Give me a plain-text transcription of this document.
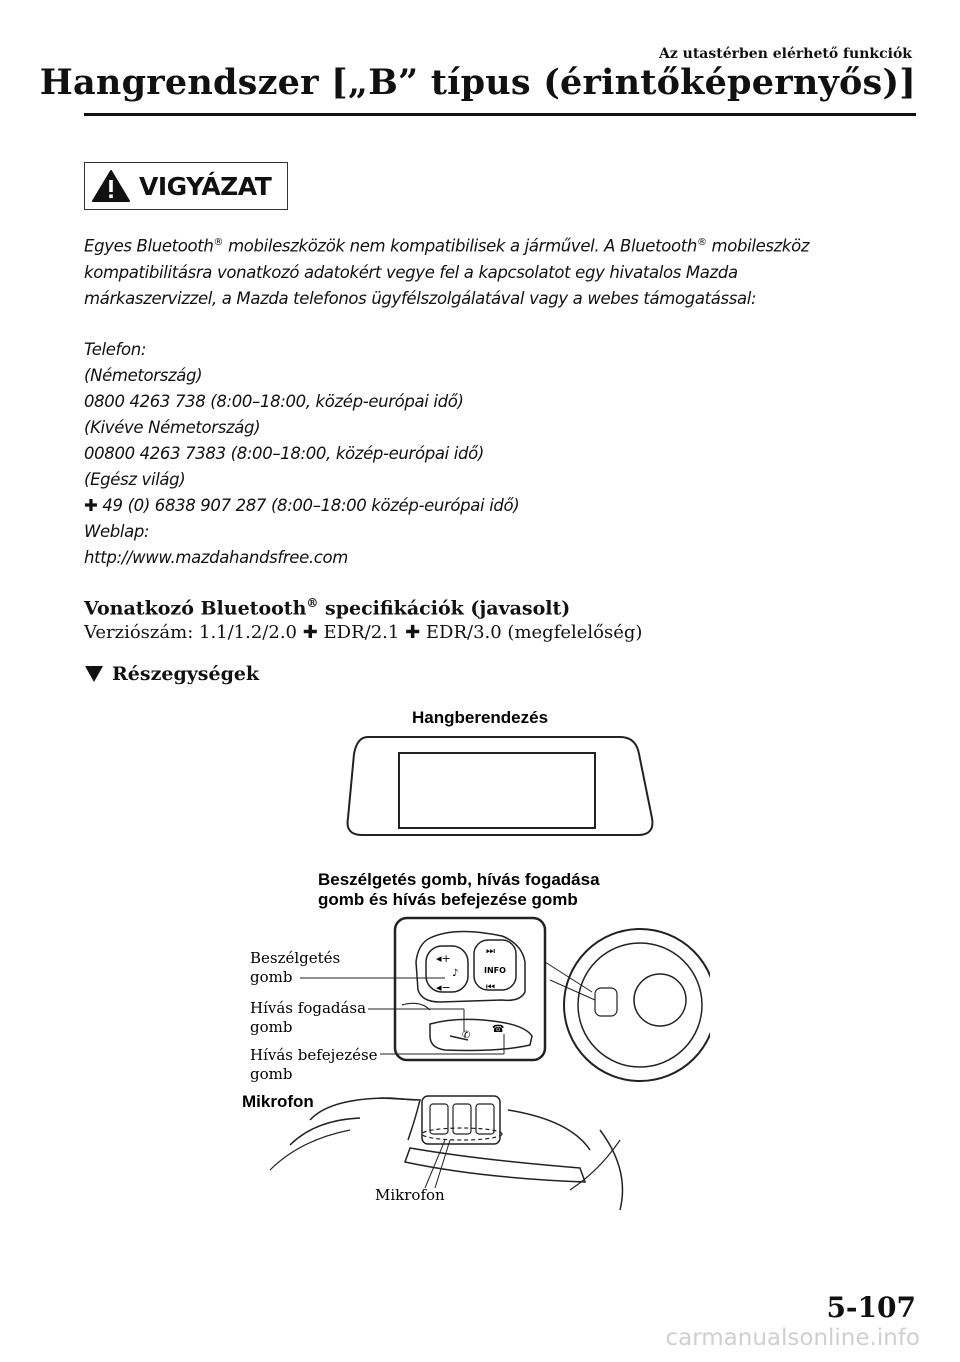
Az utastérben elérhető funkciók
Hangrendszer [„B” típus (érintőképernyős)]
VIGYÁZAT
Egyes Bluetooth® mobileszközök nem kompatibilisek a járművel. A Bluetooth® mobileszköz
kompatibilitásra vonatkozó adatokért vegye fel a kapcsolatot egy hivatalos Mazda
márkaszervizzel, a Mazda telefonos ügyfélszolgálatával vagy a webes támogatással:
Telefon:
(Németország)
0800 4263 738 (8:00–18:00, közép-európai idő)
(Kivéve Németország)
00800 4263 7383 (8:00–18:00, közép-európai idő)
(Egész világ)
✚ 49 (0) 6838 907 287 (8:00–18:00 közép-európai idő)
Weblap:
http://www.mazdahandsfree.com
Vonatkozó Bluetooth® specifikációk (javasolt)
Verziószám: 1.1/1.2/2.0 ✚ EDR/2.1 ✚ EDR/3.0 (megfelelőség)
Részegységek
Hangberendezés
Beszélgetés gomb, hívás fogadása
gomb és hívás befejezése gomb
◂+
◂−
♪
⏭
INFO
⏮
✆
☎
Beszélgetés
gomb
Hívás fogadása
gomb
Hívás befejezése
gomb
Mikrofon
Mikrofon
5-107
carmanualsonline.info
